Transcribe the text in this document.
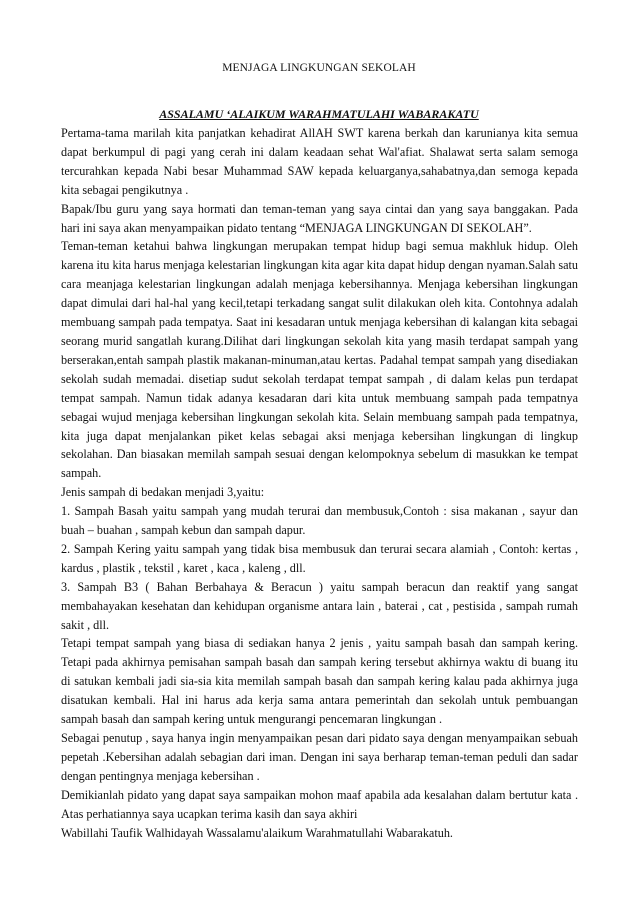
MENJAGA LINGKUNGAN SEKOLAH
ASSALAMU ‘ALAIKUM WARAHMATULAHI WABARAKATU

Pertama-tama marilah kita panjatkan kehadirat AllAH SWT karena berkah dan karunianya kita semua dapat berkumpul di pagi yang cerah ini dalam keadaan sehat Wal'afiat. Shalawat serta salam semoga tercurahkan kepada Nabi besar Muhammad SAW kepada keluarganya,sahabatnya,dan semoga kepada kita sebagai pengikutnya .

Bapak/Ibu guru yang saya hormati dan teman-teman yang saya cintai dan yang saya banggakan. Pada hari ini saya akan menyampaikan pidato tentang “MENJAGA LINGKUNGAN DI SEKOLAH”.

Teman-teman ketahui bahwa lingkungan merupakan tempat hidup bagi semua makhluk hidup. Oleh karena itu kita harus menjaga kelestarian lingkungan kita agar kita dapat hidup dengan nyaman.Salah satu cara meanjaga kelestarian lingkungan adalah menjaga kebersihannya. Menjaga kebersihan lingkungan dapat dimulai dari hal-hal yang kecil,tetapi terkadang sangat sulit dilakukan oleh kita. Contohnya adalah membuang sampah pada tempatya. Saat ini kesadaran untuk menjaga kebersihan di kalangan kita sebagai seorang murid sangatlah kurang.Dilihat dari lingkungan sekolah kita yang masih terdapat sampah yang berserakan,entah sampah plastik makanan-minuman,atau kertas. Padahal tempat sampah yang disediakan sekolah sudah memadai. disetiap sudut sekolah terdapat tempat sampah , di dalam kelas pun terdapat tempat sampah. Namun tidak adanya kesadaran dari kita untuk membuang sampah pada tempatnya sebagai wujud menjaga kebersihan lingkungan sekolah kita. Selain membuang sampah pada tempatnya, kita juga dapat menjalankan piket kelas sebagai aksi menjaga kebersihan lingkungan di lingkup sekolahan. Dan biasakan memilah sampah sesuai dengan kelompoknya sebelum di masukkan ke tempat sampah.

Jenis sampah di bedakan menjadi 3,yaitu:

1. Sampah Basah yaitu sampah yang mudah terurai dan membusuk,Contoh : sisa makanan , sayur dan buah – buahan , sampah kebun dan sampah dapur.

2. Sampah Kering yaitu sampah yang tidak bisa membusuk dan terurai secara alamiah , Contoh: kertas , kardus , plastik , tekstil , karet , kaca , kaleng , dll.

3. Sampah B3 ( Bahan Berbahaya & Beracun ) yaitu sampah beracun dan reaktif yang sangat membahayakan kesehatan dan kehidupan organisme antara lain , baterai , cat , pestisida , sampah rumah sakit , dll.

Tetapi tempat sampah yang biasa di sediakan hanya 2 jenis , yaitu sampah basah dan sampah kering. Tetapi pada akhirnya pemisahan sampah basah dan sampah kering tersebut akhirnya waktu di buang itu di satukan kembali jadi sia-sia kita memilah sampah basah dan sampah kering kalau pada akhirnya juga disatukan kembali. Hal ini harus ada kerja sama antara pemerintah dan sekolah untuk pembuangan sampah basah dan sampah kering untuk mengurangi pencemaran lingkungan .

Sebagai penutup , saya hanya ingin menyampaikan pesan dari pidato saya dengan menyampaikan sebuah pepetah .Kebersihan adalah sebagian dari iman. Dengan ini saya berharap teman-teman peduli dan sadar dengan pentingnya menjaga kebersihan .

Demikianlah pidato yang dapat saya sampaikan mohon maaf apabila ada kesalahan dalam bertutur kata . Atas perhatiannya saya ucapkan terima kasih dan saya akhiri

Wabillahi Taufik Walhidayah Wassalamu'alaikum Warahmatullahi Wabarakatuh.
